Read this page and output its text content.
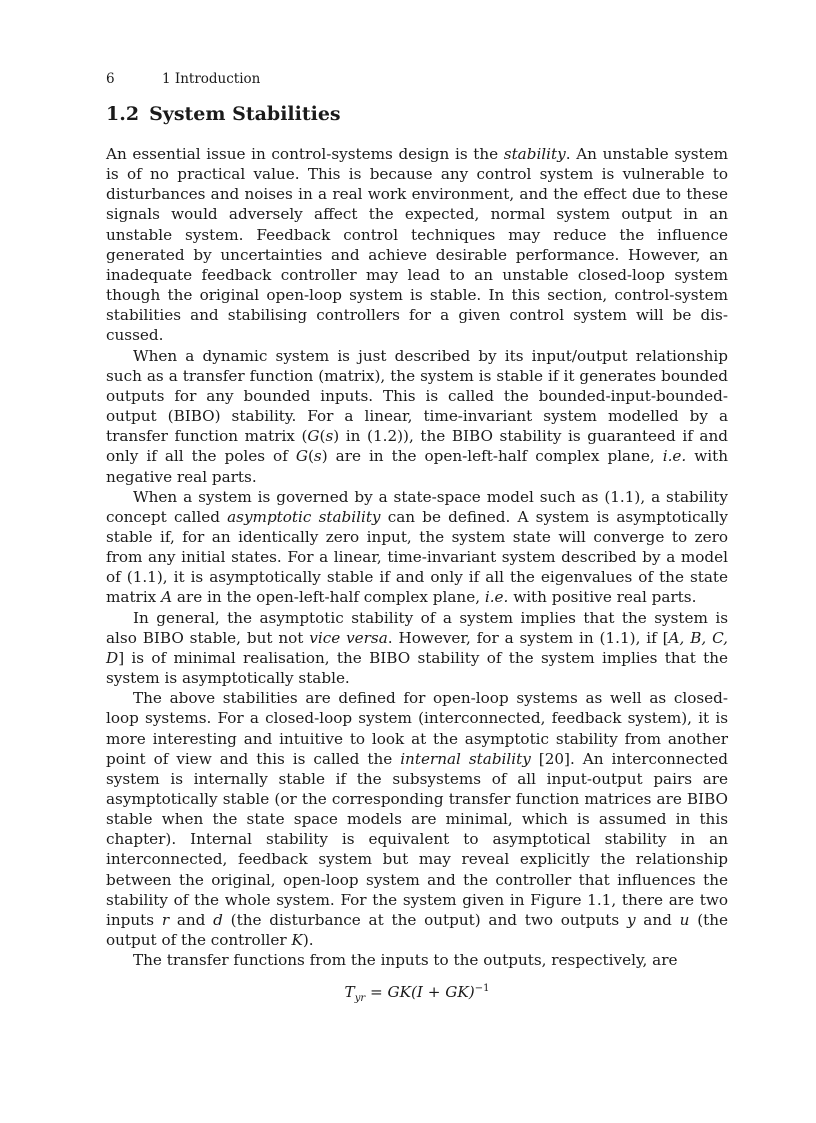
6	1 Introduction
1.2 System Stabilities

An essential issue in control-systems design is the stability. An unstable system is of no practical value. This is because any control system is vulnerable to disturbances and noises in a real work environment, and the effect due to these signals would adversely affect the expected, normal system output in an unstable system. Feedback control techniques may reduce the influence generated by uncertainties and achieve desirable performance. However, an inadequate feedback controller may lead to an unstable closed-loop system though the original open-loop system is stable. In this section, control-system stabilities and stabilising controllers for a given control system will be discussed.

When a dynamic system is just described by its input/output relationship such as a transfer function (matrix), the system is stable if it generates bounded outputs for any bounded inputs. This is called the bounded-input-bounded-output (BIBO) stability. For a linear, time-invariant system modelled by a transfer function matrix (G(s) in (1.2)), the BIBO stability is guaranteed if and only if all the poles of G(s) are in the open-left-half complex plane, i.e. with negative real parts.

When a system is governed by a state-space model such as (1.1), a stability concept called asymptotic stability can be defined. A system is asymptotically stable if, for an identically zero input, the system state will converge to zero from any initial states. For a linear, time-invariant system described by a model of (1.1), it is asymptotically stable if and only if all the eigenvalues of the state matrix A are in the open-left-half complex plane, i.e. with positive real parts.

In general, the asymptotic stability of a system implies that the system is also BIBO stable, but not vice versa. However, for a system in (1.1), if [A, B, C, D] is of minimal realisation, the BIBO stability of the system implies that the system is asymptotically stable.

The above stabilities are defined for open-loop systems as well as closed-loop systems. For a closed-loop system (interconnected, feedback system), it is more interesting and intuitive to look at the asymptotic stability from another point of view and this is called the internal stability [20]. An interconnected system is internally stable if the subsystems of all input-output pairs are asymptotically stable (or the corresponding transfer function matrices are BIBO stable when the state space models are minimal, which is assumed in this chapter). Internal stability is equivalent to asymptotical stability in an interconnected, feedback system but may reveal explicitly the relationship between the original, open-loop system and the controller that influences the stability of the whole system. For the system given in Figure 1.1, there are two inputs r and d (the disturbance at the output) and two outputs y and u (the output of the controller K).

The transfer functions from the inputs to the outputs, respectively, are

$T_{yr} = GK(I + GK)^{-1}$
